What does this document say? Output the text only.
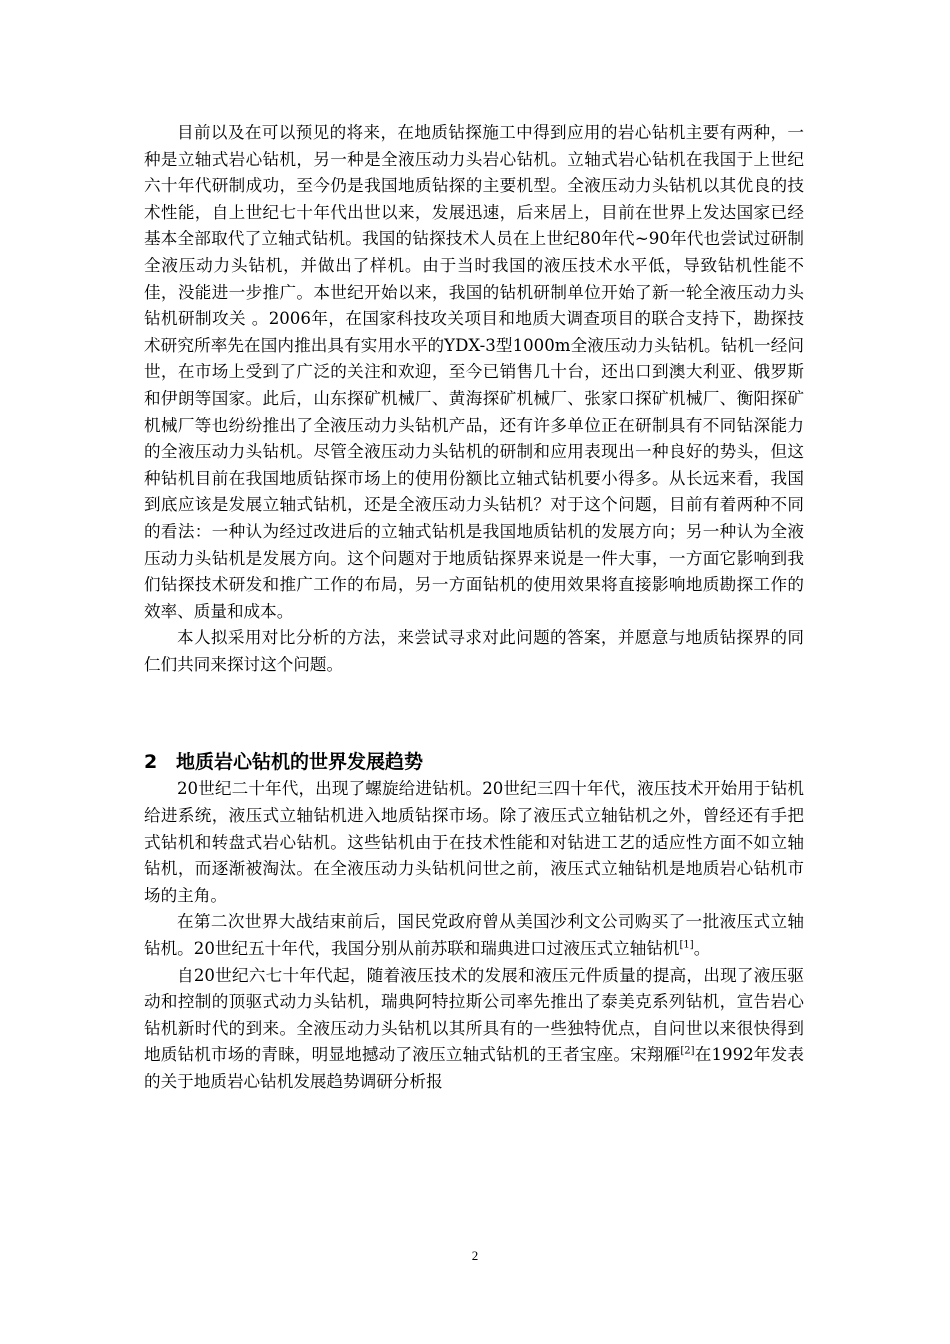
目前以及在可以预见的将来，在地质钻探施工中得到应用的岩心钻机主要有两种，一种是立轴式岩心钻机，另一种是全液压动力头岩心钻机。立轴式岩心钻机在我国于上世纪六十年代研制成功，至今仍是我国地质钻探的主要机型。全液压动力头钻机以其优良的技术性能，自上世纪七十年代出世以来，发展迅速，后来居上，目前在世界上发达国家已经基本全部取代了立轴式钻机。我国的钻探技术人员在上世纪80年代~90年代也尝试过研制全液压动力头钻机，并做出了样机。由于当时我国的液压技术水平低，导致钻机性能不佳，没能进一步推广。本世纪开始以来，我国的钻机研制单位开始了新一轮全液压动力头钻机研制攻关 。2006年，在国家科技攻关项目和地质大调查项目的联合支持下，勘探技术研究所率先在国内推出具有实用水平的YDX-3型1000m全液压动力头钻机。钻机一经问世，在市场上受到了广泛的关注和欢迎，至今已销售几十台，还出口到澳大利亚、俄罗斯和伊朗等国家。此后，山东探矿机械厂、黄海探矿机械厂、张家口探矿机械厂、衡阳探矿机械厂等也纷纷推出了全液压动力头钻机产品，还有许多单位正在研制具有不同钻深能力的全液压动力头钻机。尽管全液压动力头钻机的研制和应用表现出一种良好的势头，但这种钻机目前在我国地质钻探市场上的使用份额比立轴式钻机要小得多。从长远来看，我国到底应该是发展立轴式钻机，还是全液压动力头钻机？对于这个问题，目前有着两种不同的看法：一种认为经过改进后的立轴式钻机是我国地质钻机的发展方向；另一种认为全液压动力头钻机是发展方向。这个问题对于地质钻探界来说是一件大事，一方面它影响到我们钻探技术研发和推广工作的布局，另一方面钻机的使用效果将直接影响地质勘探工作的效率、质量和成本。

本人拟采用对比分析的方法，来尝试寻求对此问题的答案，并愿意与地质钻探界的同仁们共同来探讨这个问题。

2 地质岩心钻机的世界发展趋势

20世纪二十年代，出现了螺旋给进钻机。20世纪三四十年代，液压技术开始用于钻机给进系统，液压式立轴钻机进入地质钻探市场。除了液压式立轴钻机之外，曾经还有手把式钻机和转盘式岩心钻机。这些钻机由于在技术性能和对钻进工艺的适应性方面不如立轴钻机，而逐渐被淘汰。在全液压动力头钻机问世之前，液压式立轴钻机是地质岩心钻机市场的主角。

在第二次世界大战结束前后，国民党政府曾从美国沙利文公司购买了一批液压式立轴钻机。20世纪五十年代，我国分别从前苏联和瑞典进口过液压式立轴钻机[1]。

自20世纪六七十年代起，随着液压技术的发展和液压元件质量的提高，出现了液压驱动和控制的顶驱式动力头钻机，瑞典阿特拉斯公司率先推出了泰美克系列钻机，宣告岩心钻机新时代的到来。全液压动力头钻机以其所具有的一些独特优点，自问世以来很快得到地质钻机市场的青睐，明显地撼动了液压立轴式钻机的王者宝座。宋翔雁[2]在1992年发表的关于地质岩心钻机发展趋势调研分析报

2
